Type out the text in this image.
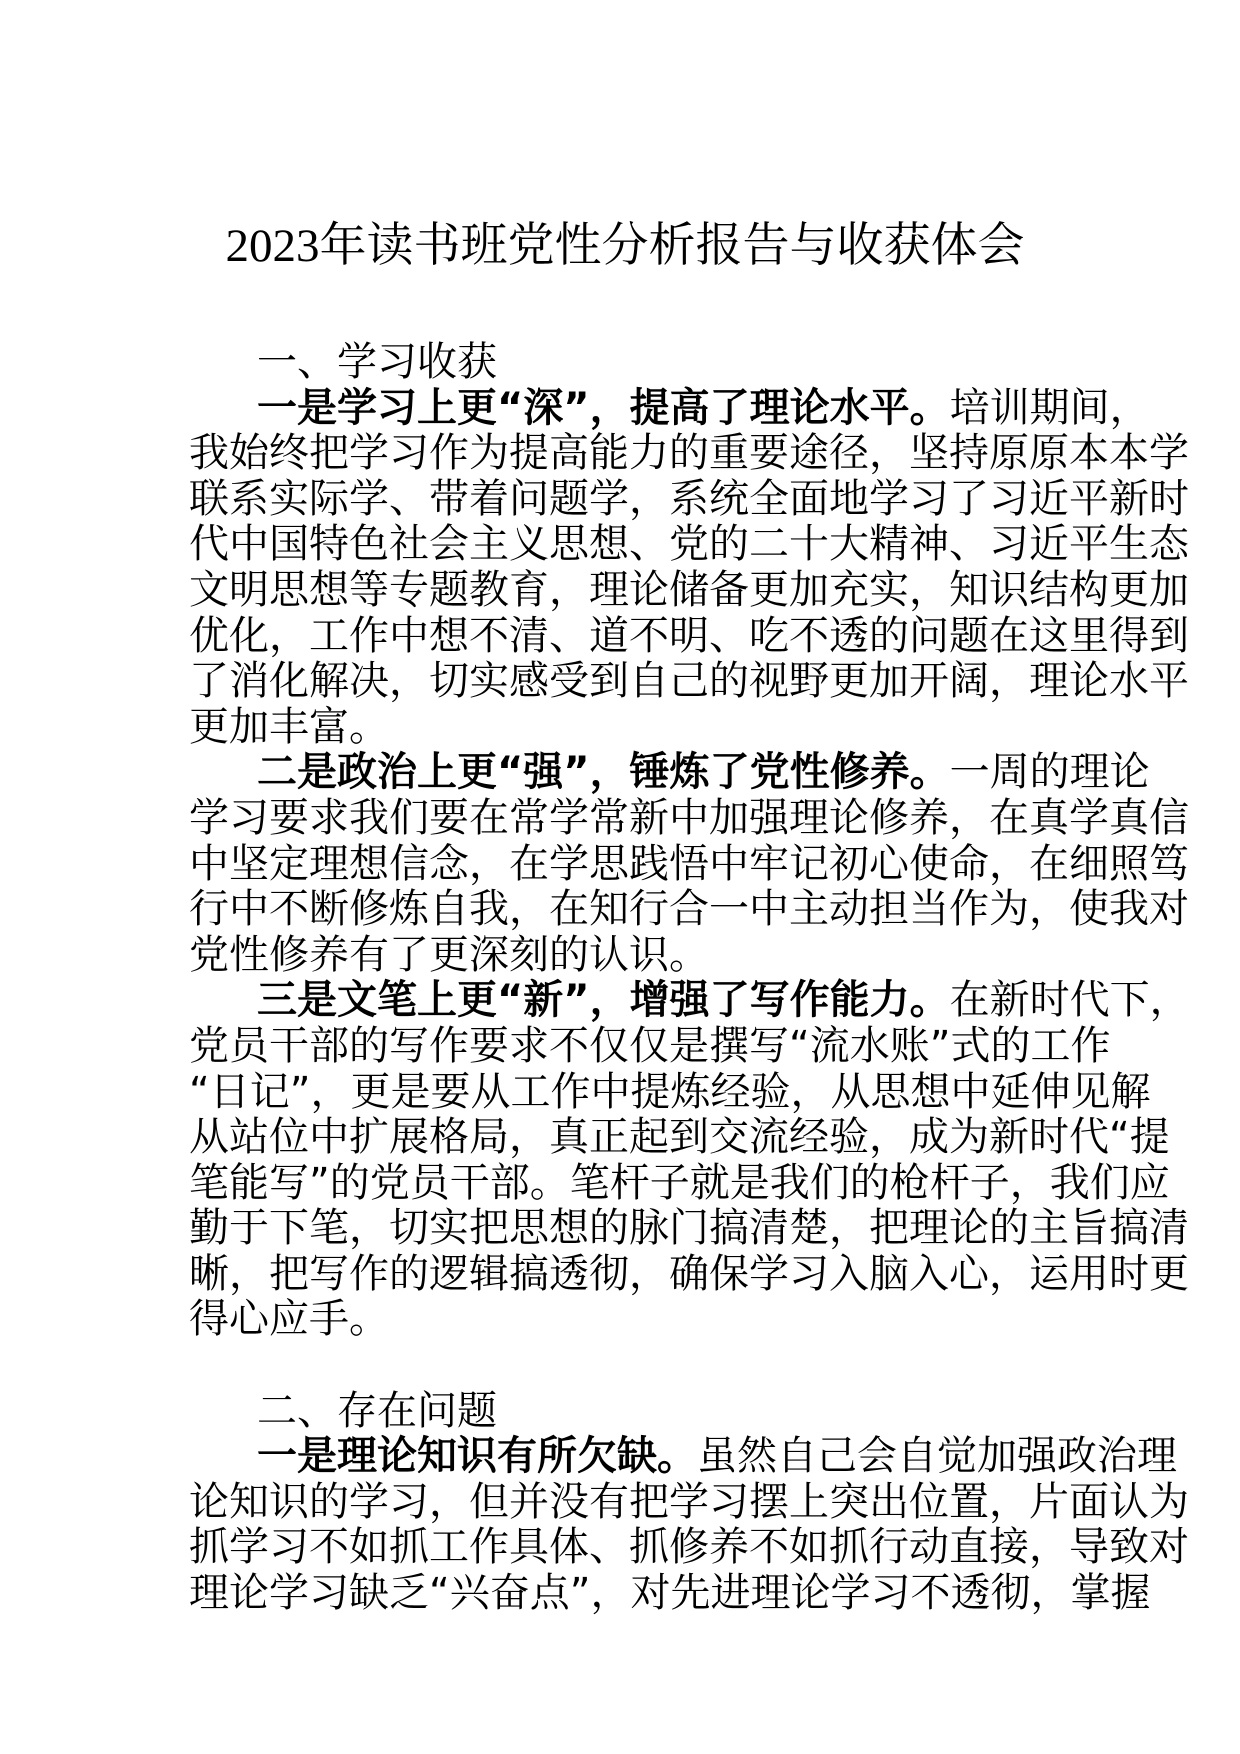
2023年读书班党性分析报告与收获体会
一、学习收获
一是学习上更“深”，提高了理论水平。培训期间，
我始终把学习作为提高能力的重要途径，坚持原原本本学
联系实际学、带着问题学，系统全面地学习了习近平新时
代中国特色社会主义思想、党的二十大精神、习近平生态
文明思想等专题教育，理论储备更加充实，知识结构更加
优化，工作中想不清、道不明、吃不透的问题在这里得到
了消化解决，切实感受到自己的视野更加开阔，理论水平
更加丰富。
二是政治上更“强”，锤炼了党性修养。一周的理论
学习要求我们要在常学常新中加强理论修养，在真学真信
中坚定理想信念，在学思践悟中牢记初心使命，在细照笃
行中不断修炼自我，在知行合一中主动担当作为，使我对
党性修养有了更深刻的认识。
三是文笔上更“新”，增强了写作能力。在新时代下，
党员干部的写作要求不仅仅是撰写“流水账”式的工作
“日记”，更是要从工作中提炼经验，从思想中延伸见解
从站位中扩展格局，真正起到交流经验，成为新时代“提
笔能写”的党员干部。笔杆子就是我们的枪杆子，我们应
勤于下笔，切实把思想的脉门搞清楚，把理论的主旨搞清
晰，把写作的逻辑搞透彻，确保学习入脑入心，运用时更
得心应手。
二、存在问题
一是理论知识有所欠缺。虽然自己会自觉加强政治理
论知识的学习，但并没有把学习摆上突出位置，片面认为
抓学习不如抓工作具体、抓修养不如抓行动直接，导致对
理论学习缺乏“兴奋点”，对先进理论学习不透彻，掌握
